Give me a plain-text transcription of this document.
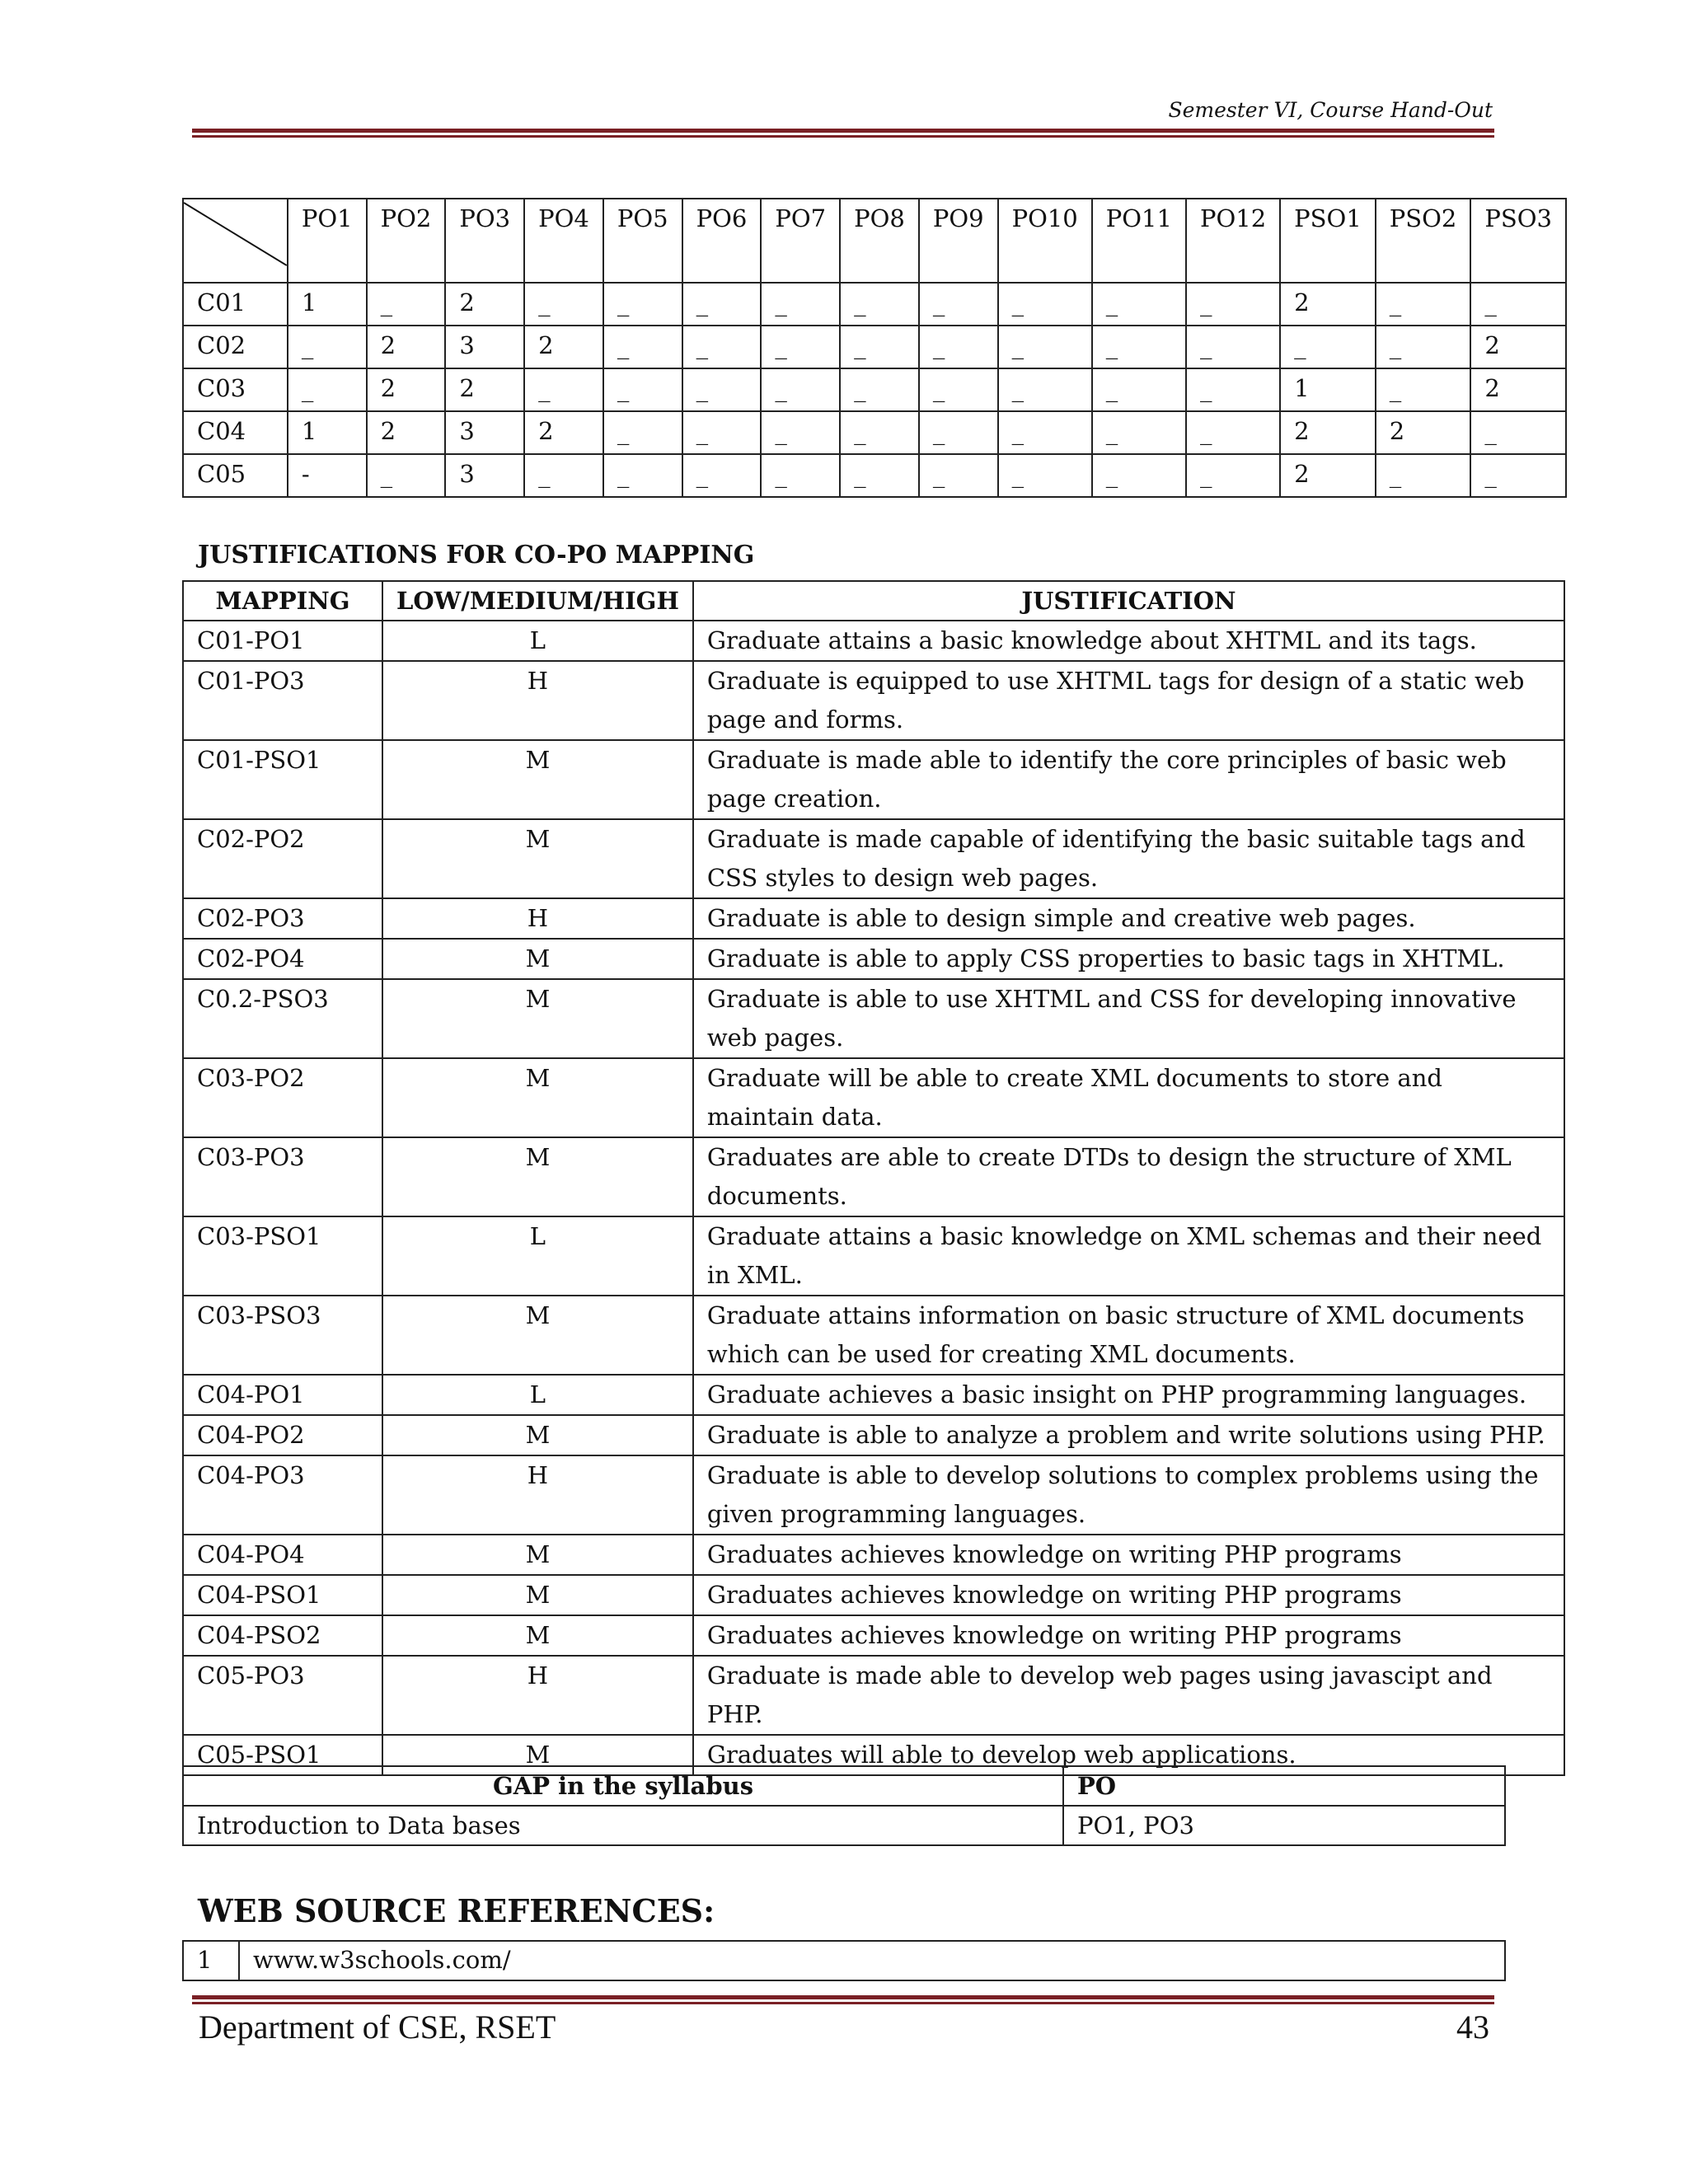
Semester VI, Course Hand-Out
	PO1	PO2	PO3	PO4	PO5	PO6	PO7	PO8	PO9	PO10	PO11	PO12	PSO1	PSO2	PSO3
C01	1	_	2	_	_	_	_	_	_	_	_	_	2	_	_
C02	_	2	3	2	_	_	_	_	_	_	_	_	_	_	2
C03	_	2	2	_	_	_	_	_	_	_	_	_	1	_	2
C04	1	2	3	2	_	_	_	_	_	_	_	_	2	2	_
C05	-	_	3	_	_	_	_	_	_	_	_	_	2	_	_
JUSTIFICATIONS FOR CO-PO MAPPING
MAPPING	LOW/MEDIUM/HIGH	JUSTIFICATION
C01-PO1	L	Graduate attains a basic knowledge about XHTML and its tags.
C01-PO3	H	Graduate is equipped to use XHTML tags for design of a static web page and forms.
C01-PSO1	M	Graduate is made able to identify the core principles of basic web page creation.
C02-PO2	M	Graduate is made capable of identifying the basic suitable tags and CSS styles to design web pages.
C02-PO3	H	Graduate is able to design simple and creative web pages.
C02-PO4	M	Graduate is able to apply CSS properties to basic tags in XHTML.
C0.2-PSO3	M	Graduate is able to use XHTML and CSS for developing innovative web pages.
C03-PO2	M	Graduate will be able to create XML documents to store and maintain data.
C03-PO3	M	Graduates are able to create DTDs to design the structure of XML documents.
C03-PSO1	L	Graduate attains a basic knowledge on XML schemas and their need in XML.
C03-PSO3	M	Graduate attains information on basic structure of XML documents which can be used for creating XML documents.
C04-PO1	L	Graduate achieves a basic insight on PHP programming languages.
C04-PO2	M	Graduate is able to analyze a problem and write solutions using PHP.
C04-PO3	H	Graduate is able to develop solutions to complex problems using the given programming languages.
C04-PO4	M	Graduates achieves knowledge on writing PHP programs
C04-PSO1	M	Graduates achieves knowledge on writing PHP programs
C04-PSO2	M	Graduates achieves knowledge on writing PHP programs
C05-PO3	H	Graduate is made able to develop web pages using javascipt and PHP.
C05-PSO1	M	Graduates will able to develop web applications.
GAP in the syllabus	PO
Introduction to Data bases	PO1, PO3
WEB SOURCE REFERENCES:
1	www.w3schools.com/
Department of CSE, RSET	43
